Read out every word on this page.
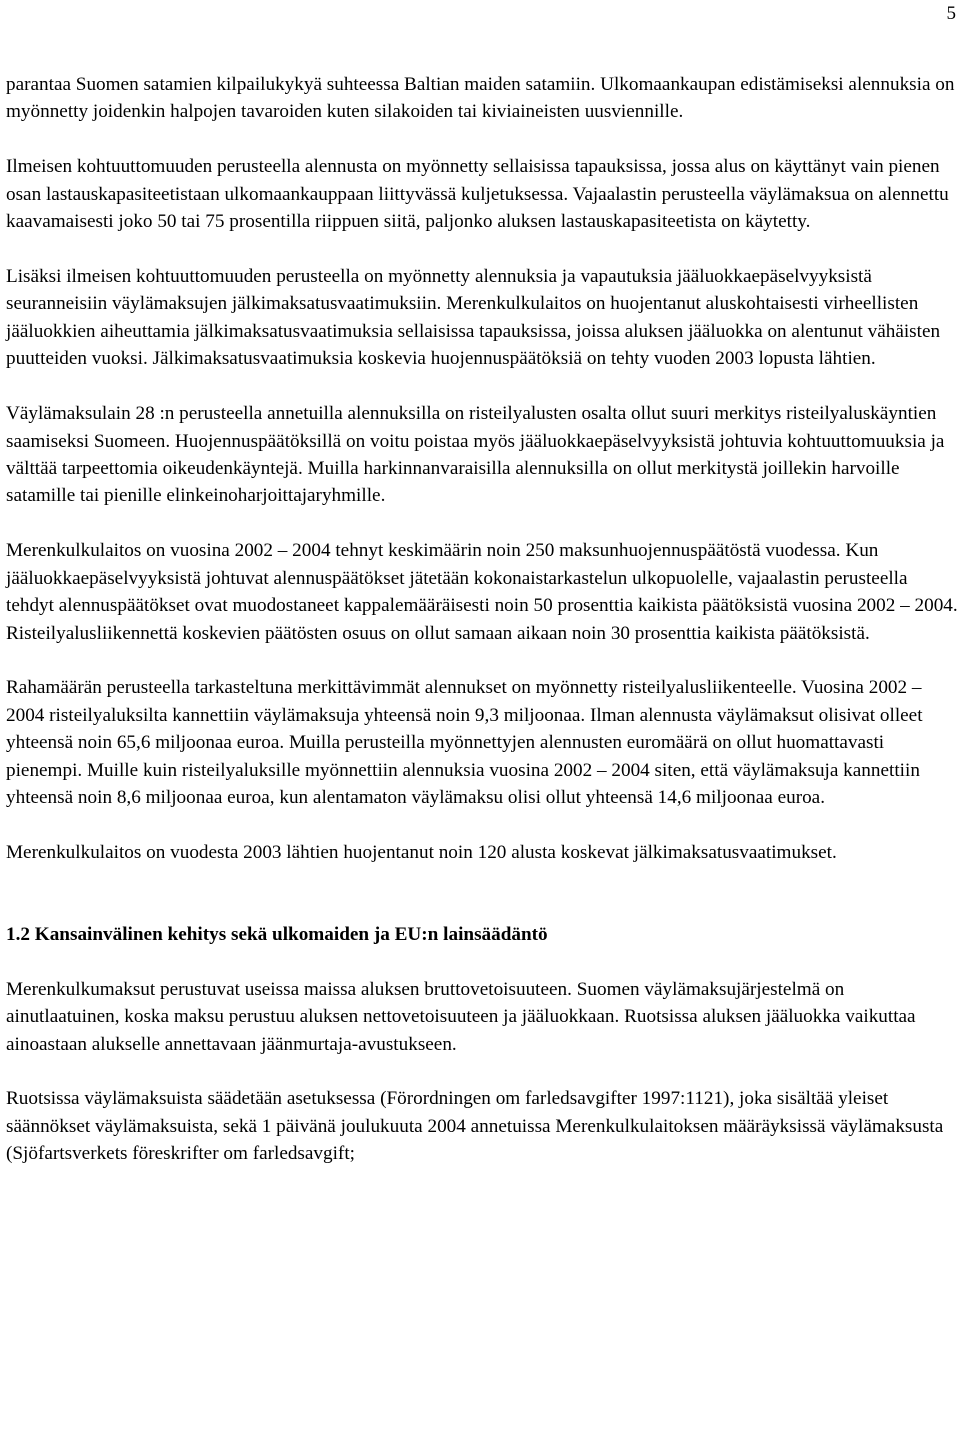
5

parantaa Suomen satamien kilpailukykyä suhteessa Baltian maiden satamiin. Ulkomaankaupan edistämiseksi alennuksia on myönnetty joidenkin halpojen tavaroiden kuten silakoiden tai kiviaineisten uusviennille.

Ilmeisen kohtuuttomuuden perusteella alennusta on myönnetty sellaisissa tapauksissa, jossa alus on käyttänyt vain pienen osan lastauskapasiteetistaan ulkomaankauppaan liittyvässä kuljetuksessa. Vajaalastin perusteella väylämaksua on alennettu kaavamaisesti joko 50 tai 75 prosentilla riippuen siitä, paljonko aluksen lastauskapasiteetista on käytetty.

Lisäksi ilmeisen kohtuuttomuuden perusteella on myönnetty alennuksia ja vapautuksia jääluokkaepäselvyyksistä seuranneisiin väylämaksujen jälkimaksatusvaatimuksiin. Merenkulkulaitos on huojentanut aluskohtaisesti virheellisten jääluokkien aiheuttamia jälkimaksatusvaatimuksia sellaisissa tapauksissa, joissa aluksen jääluokka on alentunut vähäisten puutteiden vuoksi. Jälkimaksatusvaatimuksia koskevia huojennuspäätöksiä on tehty vuoden 2003 lopusta lähtien.

Väylämaksulain 28 :n perusteella annetuilla alennuksilla on risteilyalusten osalta ollut suuri merkitys risteilyaluskäyntien saamiseksi Suomeen. Huojennuspäätöksillä on voitu poistaa myös jääluokkaepäselvyyksistä johtuvia kohtuuttomuuksia ja välttää tarpeettomia oikeudenkäyntejä. Muilla harkinnanvaraisilla alennuksilla on ollut merkitystä joillekin harvoille satamille tai pienille elinkeinoharjoittajaryhmille.

Merenkulkulaitos on vuosina 2002 – 2004 tehnyt keskimäärin noin 250 maksunhuojennuspäätöstä vuodessa. Kun jääluokkaepäselvyyksistä johtuvat alennuspäätökset jätetään kokonaistarkastelun ulkopuolelle, vajaalastin perusteella tehdyt alennuspäätökset ovat muodostaneet kappalemääräisesti noin 50 prosenttia kaikista päätöksistä vuosina 2002 – 2004. Risteilyalusliikennettä koskevien päätösten osuus on ollut samaan aikaan noin 30 prosenttia kaikista päätöksistä.

Rahamäärän perusteella tarkasteltuna merkittävimmät alennukset on myönnetty risteilyalusliikenteelle. Vuosina 2002 – 2004 risteilyaluksilta kannettiin väylämaksuja yhteensä noin 9,3 miljoonaa. Ilman alennusta väylämaksut olisivat olleet yhteensä noin 65,6 miljoonaa euroa. Muilla perusteilla myönnettyjen alennusten euromäärä on ollut huomattavasti pienempi. Muille kuin risteilyaluksille myönnettiin alennuksia vuosina 2002 – 2004 siten, että väylämaksuja kannettiin yhteensä noin 8,6 miljoonaa euroa, kun alentamaton väylämaksu olisi ollut yhteensä 14,6 miljoonaa euroa.

Merenkulkulaitos on vuodesta 2003 lähtien huojentanut noin 120 alusta koskevat jälkimaksatusvaatimukset.

1.2 Kansainvälinen kehitys sekä ulkomaiden ja EU:n lainsäädäntö

Merenkulkumaksut perustuvat useissa maissa aluksen bruttovetoisuuteen. Suomen väylämaksujärjestelmä on ainutlaatuinen, koska maksu perustuu aluksen nettovetoisuuteen ja jääluokkaan. Ruotsissa aluksen jääluokka vaikuttaa ainoastaan alukselle annettavaan jäänmurtaja-avustukseen.

Ruotsissa väylämaksuista säädetään asetuksessa (Förordningen om farledsavgifter 1997:1121), joka sisältää yleiset säännökset väylämaksuista, sekä 1 päivänä joulukuuta 2004 annetuissa Merenkulkulaitoksen määräyksissä väylämaksusta (Sjöfartsverkets föreskrifter om farledsavgift;
